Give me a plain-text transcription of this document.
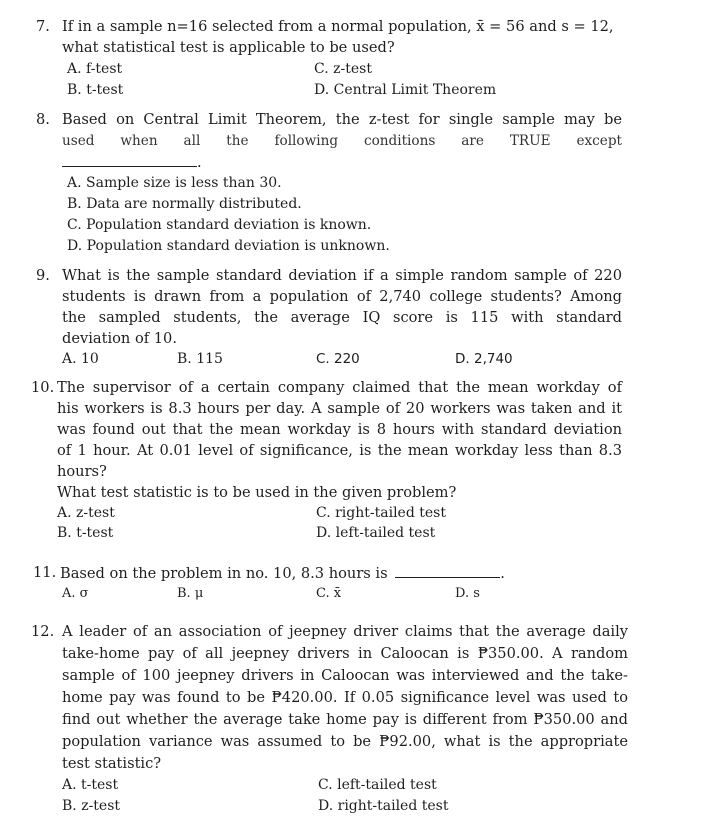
7. If in a sample n=16 selected from a normal population, x̄ = 56 and s = 12,
what statistical test is applicable to be used?
A. f-test
B. t-test
C. z-test
D. Central Limit Theorem
8. Based on Central Limit Theorem, the z-test for single sample may be
used when all the following conditions are TRUE except
.
A. Sample size is less than 30.
B. Data are normally distributed.
C. Population standard deviation is known.
D. Population standard deviation is unknown.
9. What is the sample standard deviation if a simple random sample of 220
students is drawn from a population of 2,740 college students? Among
the sampled students, the average IQ score is 115 with standard
deviation of 10.
A. 10	B. 115	C. 220	D. 2,740
10. The supervisor of a certain company claimed that the mean workday of
his workers is 8.3 hours per day. A sample of 20 workers was taken and it
was found out that the mean workday is 8 hours with standard deviation
of 1 hour. At 0.01 level of significance, is the mean workday less than 8.3
hours?
What test statistic is to be used in the given problem?
A. z-test
B. t-test
C. right-tailed test
D. left-tailed test
11. Based on the problem in no. 10, 8.3 hours is	.
A. σ	B. μ	C. x̄	D. s
12. A leader of an association of jeepney driver claims that the average daily
take-home pay of all jeepney drivers in Caloocan is ₱350.00. A random
sample of 100 jeepney drivers in Caloocan was interviewed and the take-
home pay was found to be ₱420.00. If 0.05 significance level was used to
find out whether the average take home pay is different from ₱350.00 and
population variance was assumed to be ₱92.00, what is the appropriate
test statistic?
A. t-test
B. z-test
C. left-tailed test
D. right-tailed test
